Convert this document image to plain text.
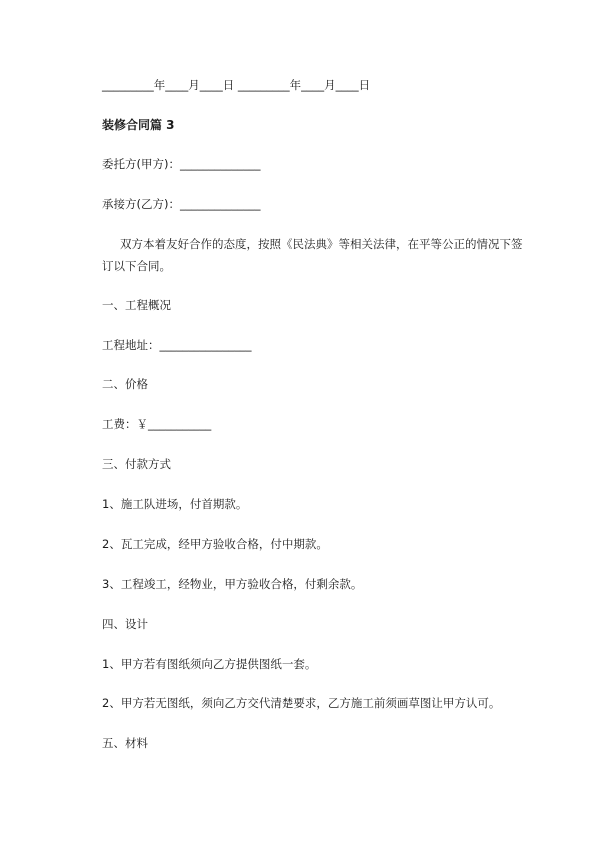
_________年____月____日 _________年____月____日
装修合同篇 3
委托方(甲方)：______________
承接方(乙方)：______________
双方本着友好合作的态度，按照《民法典》等相关法律，在平等公正的情况下签订以下合同。
一、工程概况
工程地址：________________
二、价格
工费：￥___________
三、付款方式
1、施工队进场，付首期款。
2、瓦工完成，经甲方验收合格，付中期款。
3、工程竣工，经物业，甲方验收合格，付剩余款。
四、设计
1、甲方若有图纸须向乙方提供图纸一套。
2、甲方若无图纸，须向乙方交代清楚要求，乙方施工前须画草图让甲方认可。
五、材料
